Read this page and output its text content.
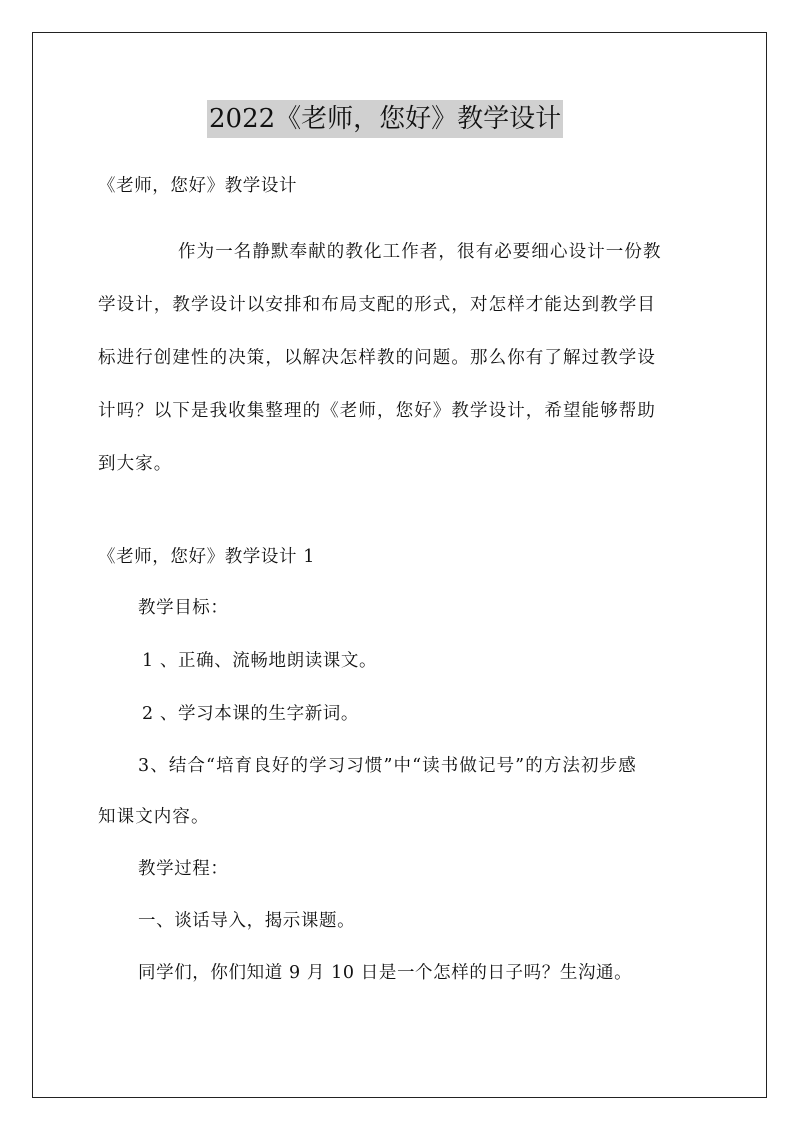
2022《老师，您好》教学设计
《老师，您好》教学设计
作为一名静默奉献的教化工作者，很有必要细心设计一份教
学设计，教学设计以安排和布局支配的形式，对怎样才能达到教学目
标进行创建性的决策，以解决怎样教的问题。那么你有了解过教学设
计吗？以下是我收集整理的《老师，您好》教学设计，希望能够帮助
到大家。
《老师，您好》教学设计 1
教学目标：
1 、正确、流畅地朗读课文。
2 、学习本课的生字新词。
3、结合“培育良好的学习习惯”中“读书做记号”的方法初步感
知课文内容。
教学过程：
一、谈话导入，揭示课题。
同学们，你们知道 9 月 10 日是一个怎样的日子吗？生沟通。
